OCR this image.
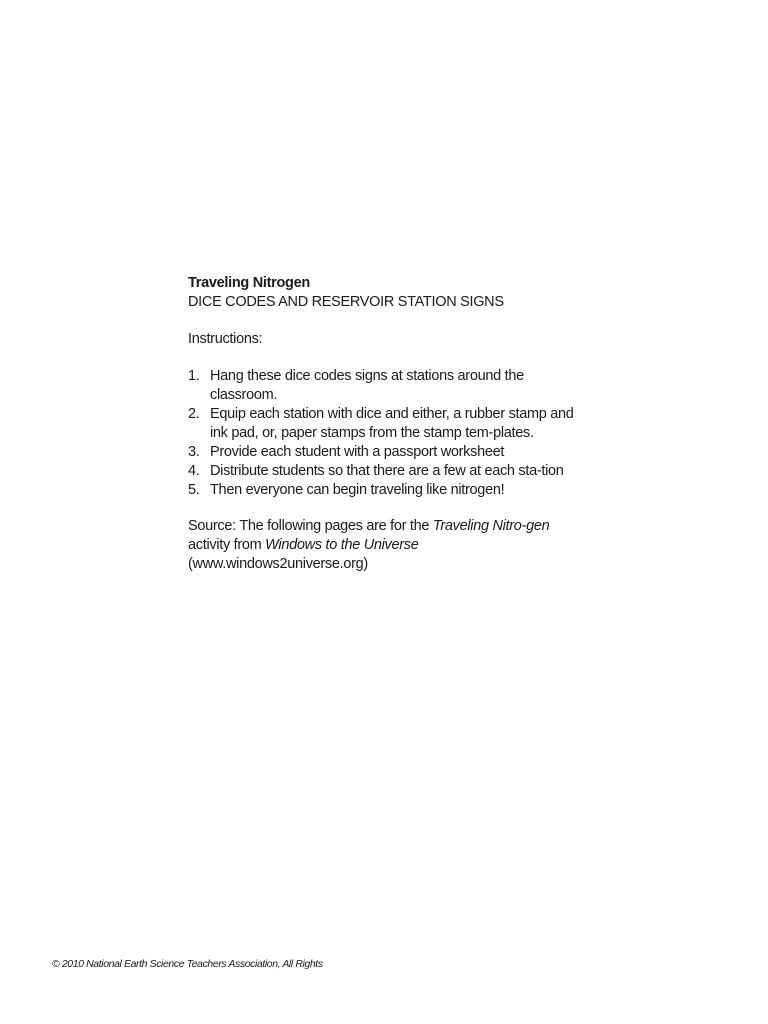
Traveling Nitrogen

DICE CODES AND RESERVOIR STATION SIGNS

Instructions:

1. Hang these dice codes signs at stations around the classroom.
2. Equip each station with dice and either, a rubber stamp and ink pad, or, paper stamps from the stamp tem-plates.
3. Provide each student with a passport worksheet
4. Distribute students so that there are a few at each sta-tion
5. Then everyone can begin traveling like nitrogen!

Source: The following pages are for the Traveling Nitro-gen activity from Windows to the Universe
(www.windows2universe.org)

© 2010 National Earth Science Teachers Association, All Rights
